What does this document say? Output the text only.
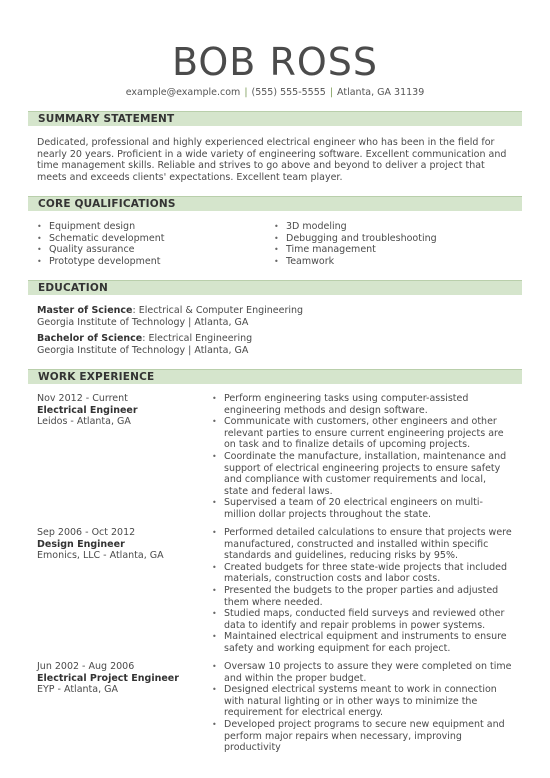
BOB ROSS
example@example.com | (555) 555-5555 | Atlanta, GA 31139
SUMMARY STATEMENT
Dedicated, professional and highly experienced electrical engineer who has been in the field for nearly 20 years. Proficient in a wide variety of engineering software. Excellent communication and time management skills. Reliable and strives to go above and beyond to deliver a project that meets and exceeds clients' expectations. Excellent team player.
CORE QUALIFICATIONS
• Equipment design
• Schematic development
• Quality assurance
• Prototype development
• 3D modeling
• Debugging and troubleshooting
• Time management
• Teamwork
EDUCATION
Master of Science: Electrical & Computer Engineering
Georgia Institute of Technology | Atlanta, GA
Bachelor of Science: Electrical Engineering
Georgia Institute of Technology | Atlanta, GA
WORK EXPERIENCE
Nov 2012 - Current
Electrical Engineer
Leidos - Atlanta, GA
• Perform engineering tasks using computer-assisted engineering methods and design software.
• Communicate with customers, other engineers and other relevant parties to ensure current engineering projects are on task and to finalize details of upcoming projects.
• Coordinate the manufacture, installation, maintenance and support of electrical engineering projects to ensure safety and compliance with customer requirements and local, state and federal laws.
• Supervised a team of 20 electrical engineers on multi-million dollar projects throughout the state.
Sep 2006 - Oct 2012
Design Engineer
Emonics, LLC - Atlanta, GA
• Performed detailed calculations to ensure that projects were manufactured, constructed and installed within specific standards and guidelines, reducing risks by 95%.
• Created budgets for three state-wide projects that included materials, construction costs and labor costs.
• Presented the budgets to the proper parties and adjusted them where needed.
• Studied maps, conducted field surveys and reviewed other data to identify and repair problems in power systems.
• Maintained electrical equipment and instruments to ensure safety and working equipment for each project.
Jun 2002 - Aug 2006
Electrical Project Engineer
EYP - Atlanta, GA
• Oversaw 10 projects to assure they were completed on time and within the proper budget.
• Designed electrical systems meant to work in connection with natural lighting or in other ways to minimize the requirement for electrical energy.
• Developed project programs to secure new equipment and perform major repairs when necessary, improving productivity
